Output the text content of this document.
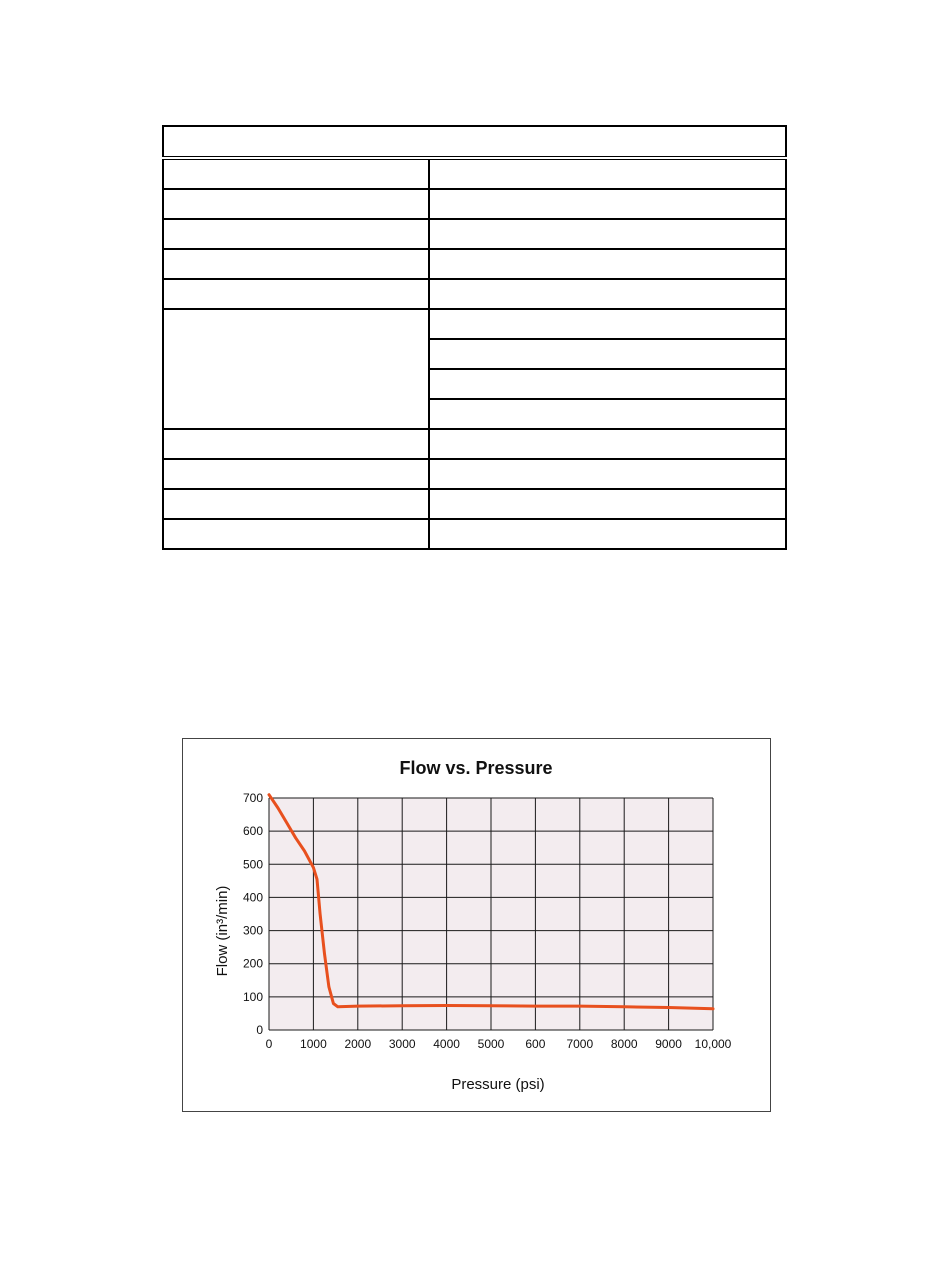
0 1000 2000 3000 4000 5000 600 7000 8000 9000 10,000
0
100
200
300
400
500
600
700
Flow vs. Pressure
Pressure (psi)
Flow (in³/min)
